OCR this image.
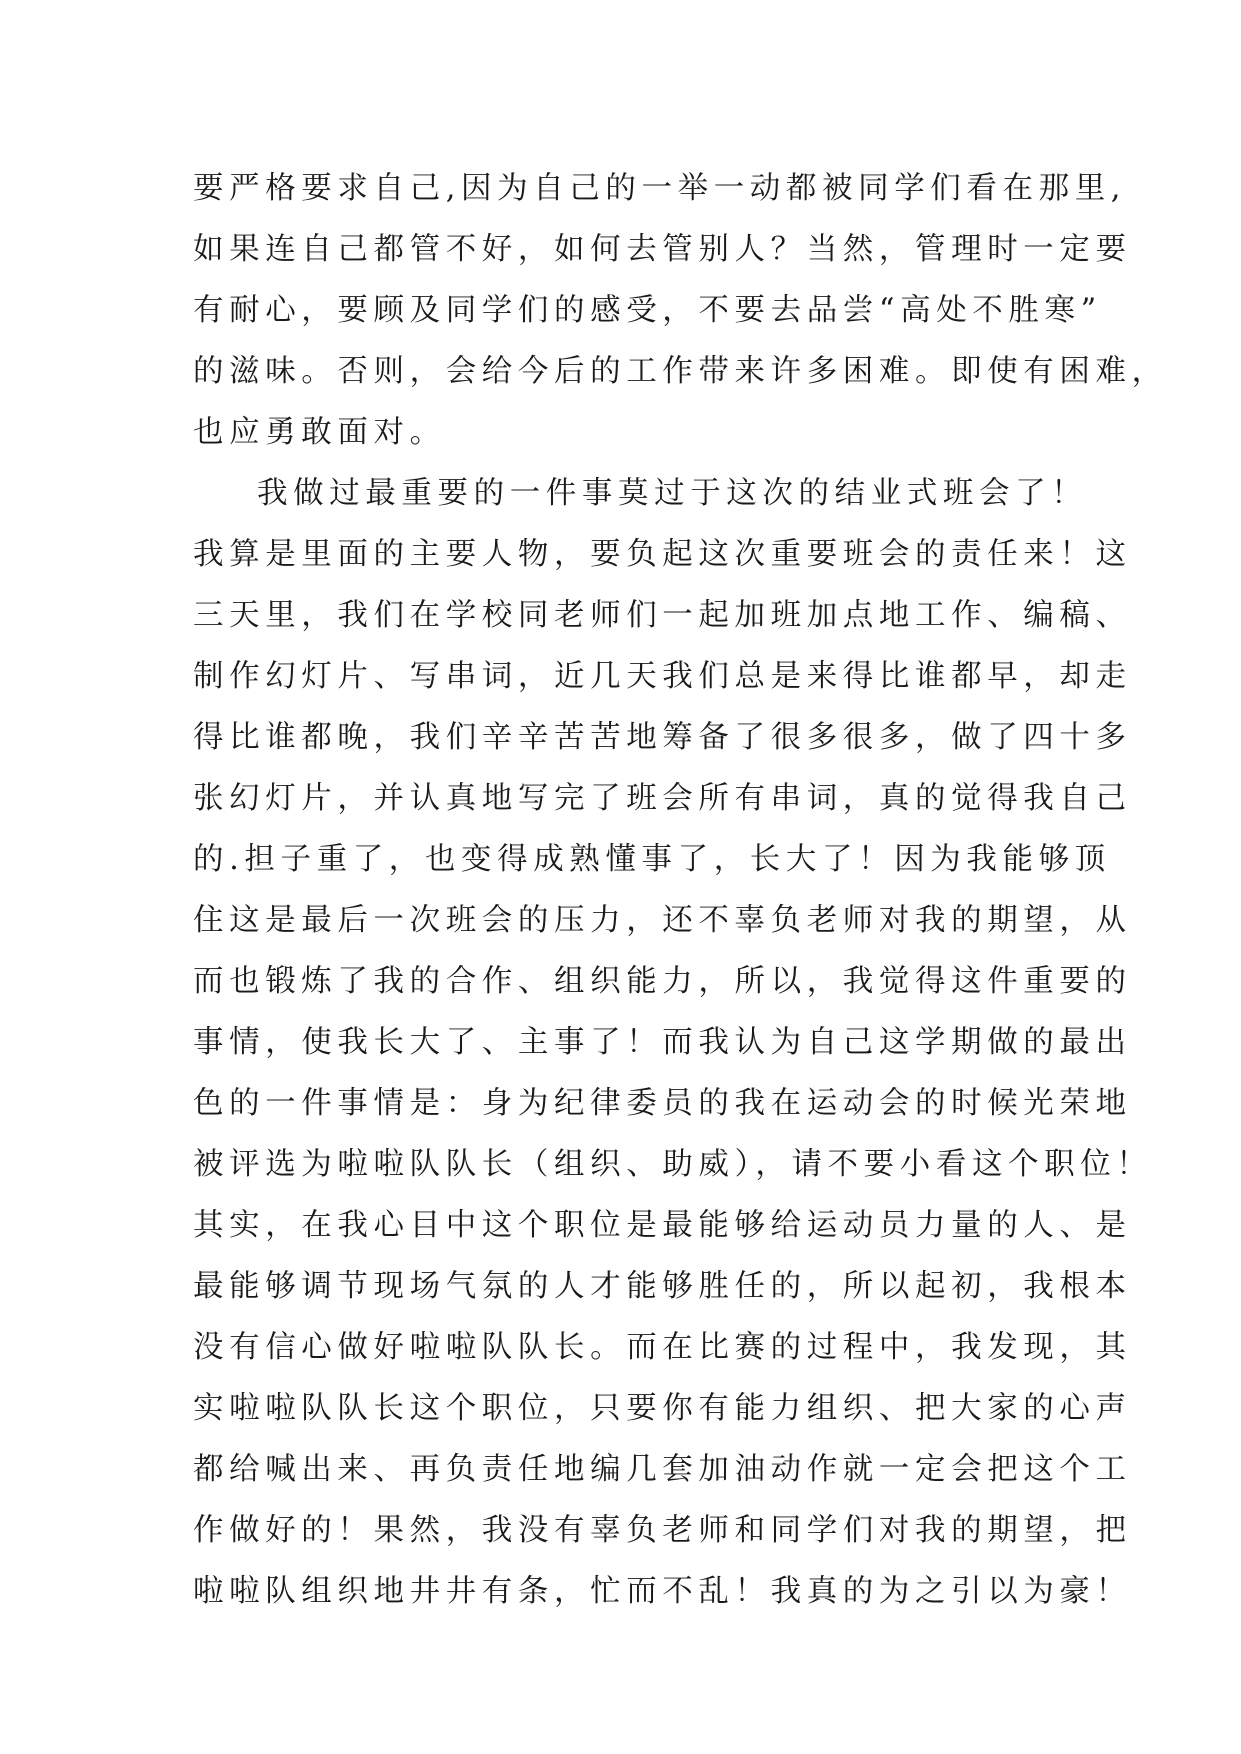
要严格要求自己,因为自己的一举一动都被同学们看在那里,
如果连自己都管不好，如何去管别人？当然，管理时一定要
有耐心，要顾及同学们的感受，不要去品尝“高处不胜寒”
的滋味。否则，会给今后的工作带来许多困难。即使有困难，
也应勇敢面对。
我做过最重要的一件事莫过于这次的结业式班会了！
我算是里面的主要人物，要负起这次重要班会的责任来！这
三天里，我们在学校同老师们一起加班加点地工作、编稿、
制作幻灯片、写串词，近几天我们总是来得比谁都早，却走
得比谁都晚，我们辛辛苦苦地筹备了很多很多，做了四十多
张幻灯片，并认真地写完了班会所有串词，真的觉得我自己
的.担子重了，也变得成熟懂事了，长大了！因为我能够顶
住这是最后一次班会的压力，还不辜负老师对我的期望，从
而也锻炼了我的合作、组织能力，所以，我觉得这件重要的
事情，使我长大了、主事了！而我认为自己这学期做的最出
色的一件事情是：身为纪律委员的我在运动会的时候光荣地
被评选为啦啦队队长（组织、助威），请不要小看这个职位！
其实，在我心目中这个职位是最能够给运动员力量的人、是
最能够调节现场气氛的人才能够胜任的，所以起初，我根本
没有信心做好啦啦队队长。而在比赛的过程中，我发现，其
实啦啦队队长这个职位，只要你有能力组织、把大家的心声
都给喊出来、再负责任地编几套加油动作就一定会把这个工
作做好的！果然，我没有辜负老师和同学们对我的期望，把
啦啦队组织地井井有条，忙而不乱！我真的为之引以为豪！
